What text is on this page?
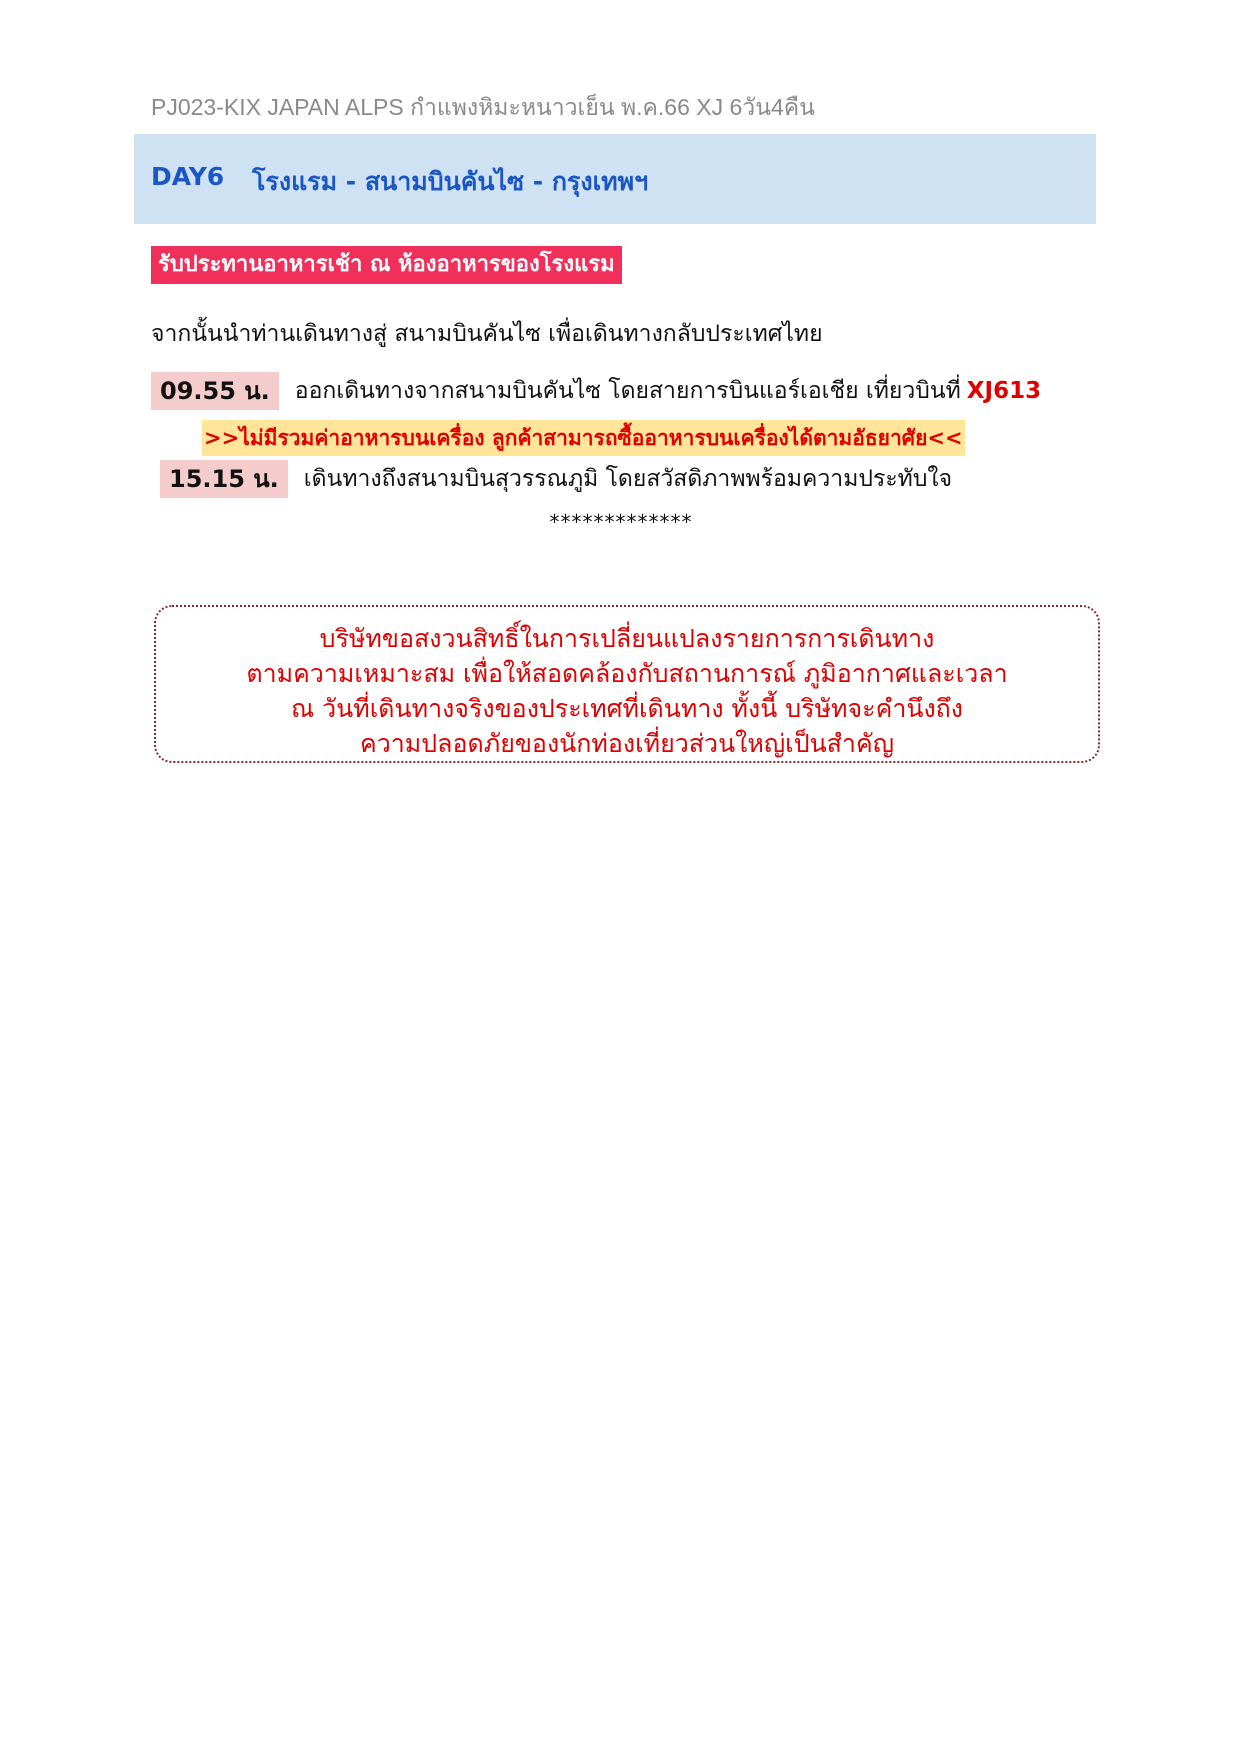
PJ023-KIX JAPAN ALPS กำแพงหิมะหนาวเย็น พ.ค.66 XJ 6วัน4คืน
DAY6 โรงแรม - สนามบินคันไซ - กรุงเทพฯ
รับประทานอาหารเช้า ณ ห้องอาหารของโรงแรม
จากนั้นนำท่านเดินทางสู่ สนามบินคันไซ เพื่อเดินทางกลับประเทศไทย
09.55 น. ออกเดินทางจากสนามบินคันไซ โดยสายการบินแอร์เอเชีย เที่ยวบินที่ XJ613
>>ไม่มีรวมค่าอาหารบนเครื่อง ลูกค้าสามารถซื้ออาหารบนเครื่องได้ตามอัธยาศัย<<
15.15 น. เดินทางถึงสนามบินสุวรรณภูมิ โดยสวัสดิภาพพร้อมความประทับใจ
*************
บริษัทขอสงวนสิทธิ์ในการเปลี่ยนแปลงรายการการเดินทาง
ตามความเหมาะสม เพื่อให้สอดคล้องกับสถานการณ์ ภูมิอากาศและเวลา
ณ วันที่เดินทางจริงของประเทศที่เดินทาง ทั้งนี้ บริษัทจะคำนึงถึง
ความปลอดภัยของนักท่องเที่ยวส่วนใหญ่เป็นสำคัญ
